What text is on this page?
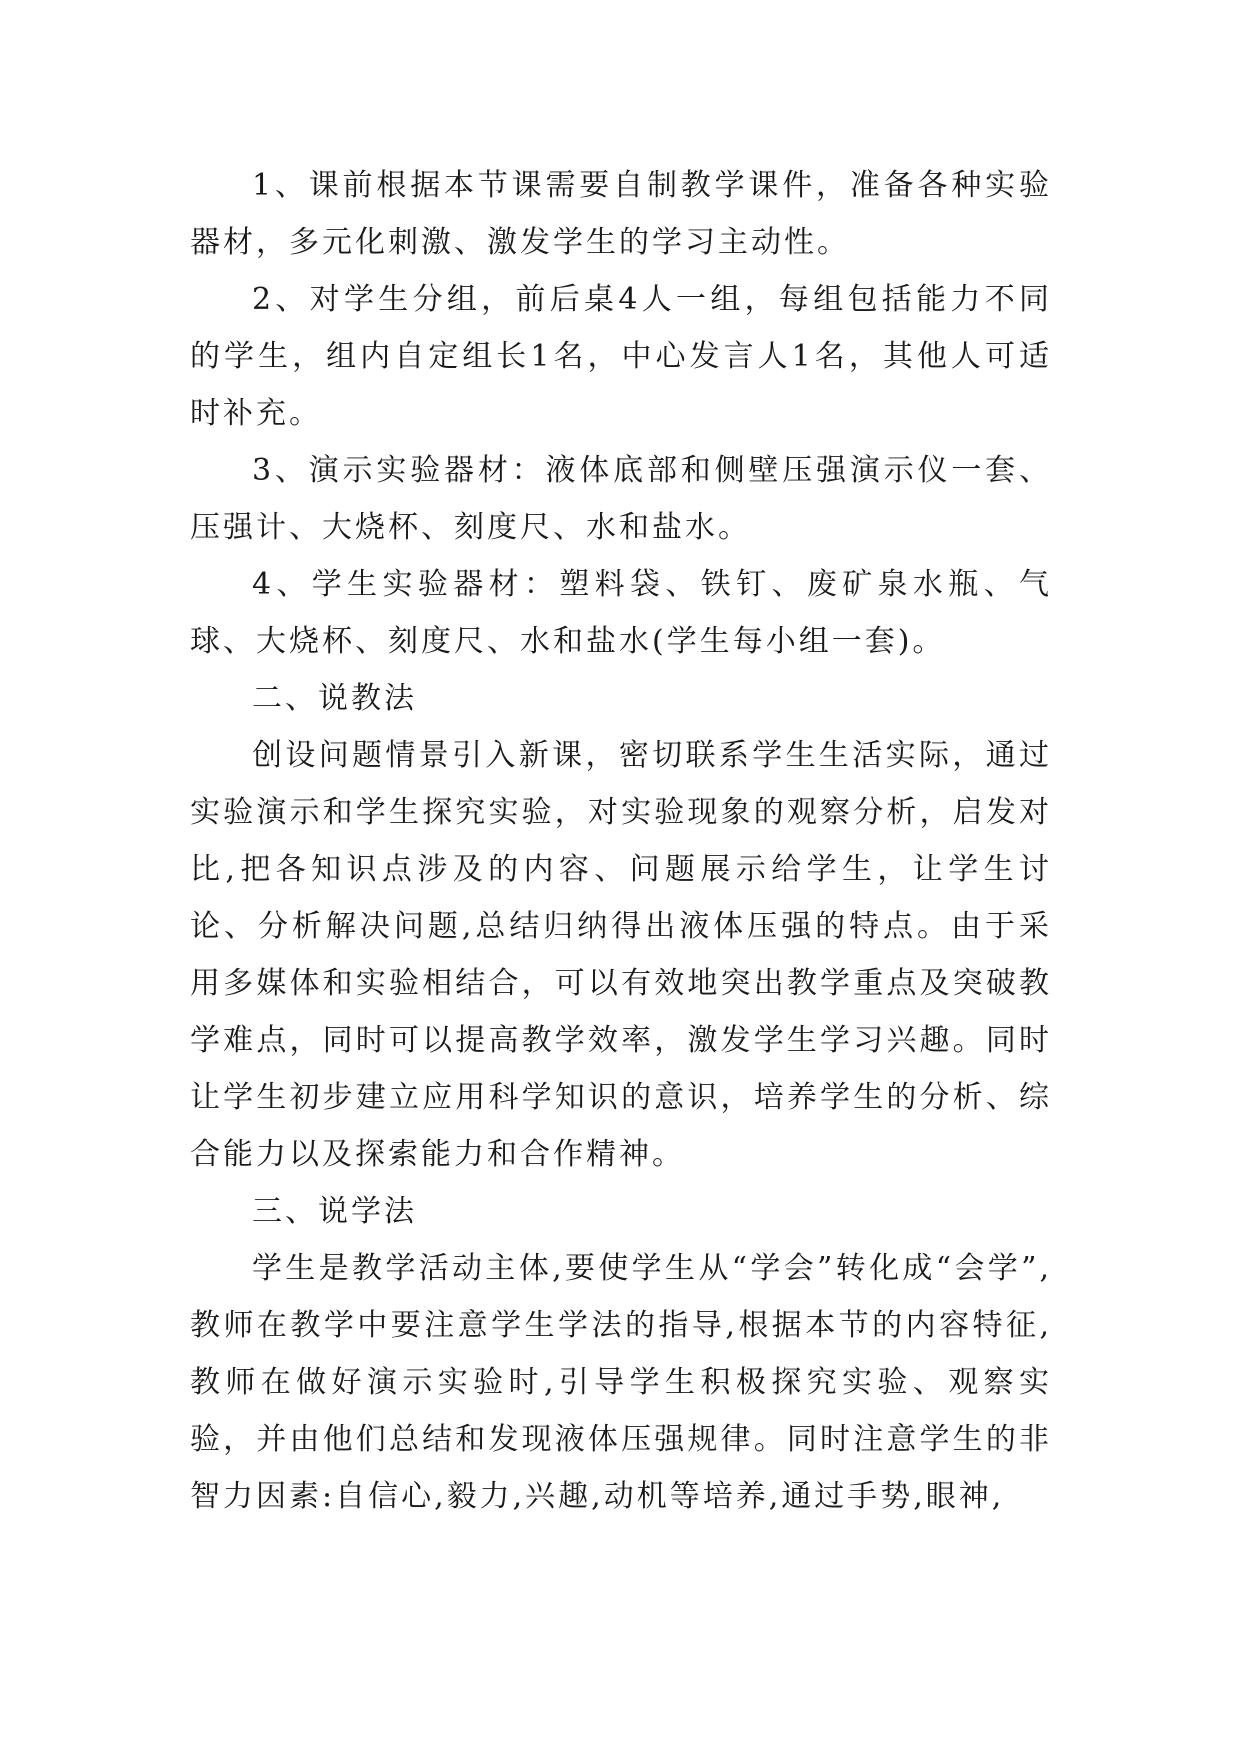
1、课前根据本节课需要自制教学课件，准备各种实验器材，多元化刺激、激发学生的学习主动性。

2、对学生分组，前后桌4人一组，每组包括能力不同的学生，组内自定组长1名，中心发言人1名，其他人可适时补充。

3、演示实验器材：液体底部和侧壁压强演示仪一套、压强计、大烧杯、刻度尺、水和盐水。

4、学生实验器材：塑料袋、铁钉、废矿泉水瓶、气球、大烧杯、刻度尺、水和盐水(学生每小组一套)。

二、说教法

创设问题情景引入新课，密切联系学生生活实际，通过实验演示和学生探究实验，对实验现象的观察分析，启发对比,把各知识点涉及的内容、问题展示给学生，让学生讨论、分析解决问题,总结归纳得出液体压强的特点。由于采用多媒体和实验相结合，可以有效地突出教学重点及突破教学难点，同时可以提高教学效率，激发学生学习兴趣。同时让学生初步建立应用科学知识的意识，培养学生的分析、综合能力以及探索能力和合作精神。

三、说学法

学生是教学活动主体,要使学生从“学会”转化成“会学”,教师在教学中要注意学生学法的指导,根据本节的内容特征,教师在做好演示实验时,引导学生积极探究实验、观察实验，并由他们总结和发现液体压强规律。同时注意学生的非智力因素:自信心,毅力,兴趣,动机等培养,通过手势,眼神,
